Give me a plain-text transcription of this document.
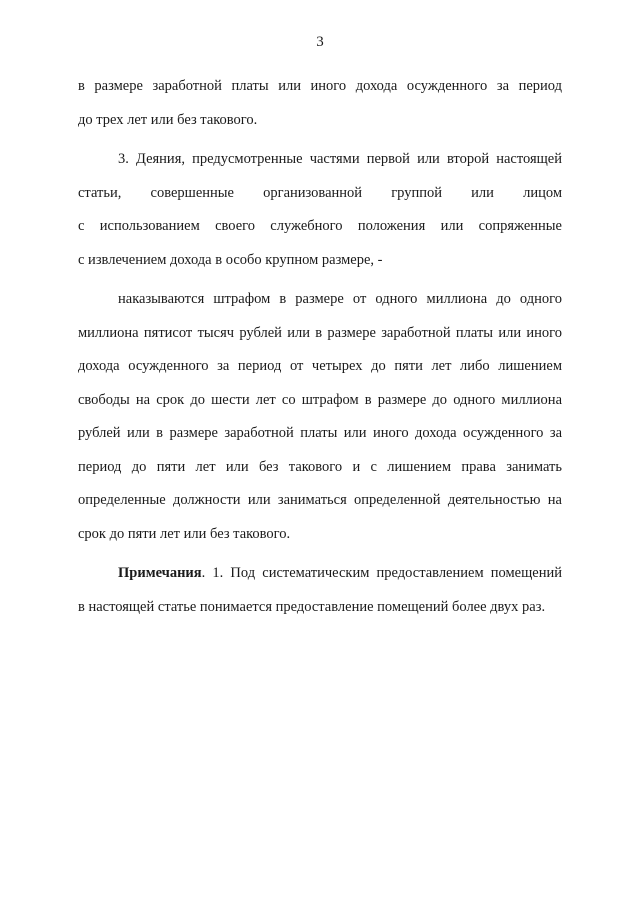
3
в размере заработной платы или иного дохода осужденного за период
до трех лет или без такового.
3. Деяния, предусмотренные частями первой или второй настоящей
статьи, совершенные организованной группой или лицом
с использованием своего служебного положения или сопряженные
с извлечением дохода в особо крупном размере, -
наказываются штрафом в размере от одного миллиона до одного
миллиона пятисот тысяч рублей или в размере заработной платы или иного
дохода осужденного за период от четырех до пяти лет либо лишением
свободы на срок до шести лет со штрафом в размере до одного миллиона
рублей или в размере заработной платы или иного дохода осужденного за
период до пяти лет или без такового и с лишением права занимать
определенные должности или заниматься определенной деятельностью на
срок до пяти лет или без такового.
Примечания. 1. Под систематическим предоставлением помещений
в настоящей статье понимается предоставление помещений более двух раз.
